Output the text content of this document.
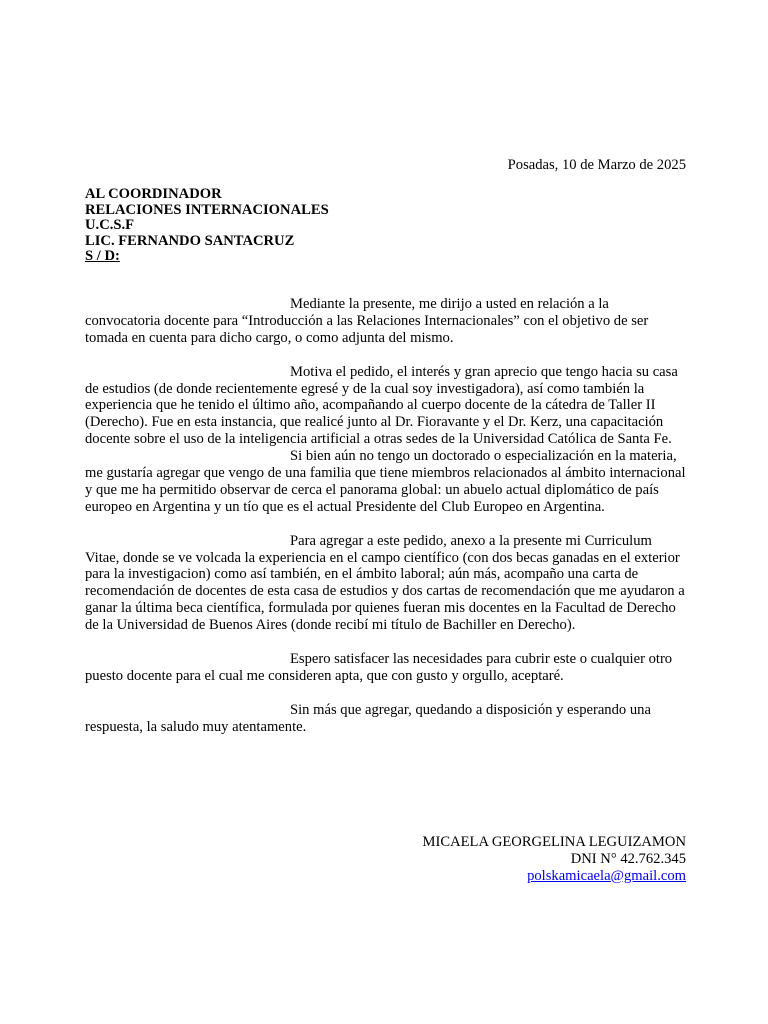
Posadas, 10 de Marzo de 2025
AL COORDINADOR
RELACIONES INTERNACIONALES
U.C.S.F
LIC. FERNANDO SANTACRUZ
S / D:

Mediante la presente, me dirijo a usted en relación a la convocatoria docente para “Introducción a las Relaciones Internacionales” con el objetivo de ser tomada en cuenta para dicho cargo, o como adjunta del mismo.

Motiva el pedido, el interés y gran aprecio que tengo hacia su casa de estudios (de donde recientemente egresé y de la cual soy investigadora), así como también la experiencia que he tenido el último año, acompañando al cuerpo docente de la cátedra de Taller II (Derecho). Fue en esta instancia, que realicé junto al Dr. Fioravante y el Dr. Kerz, una capacitación docente sobre el uso de la inteligencia artificial a otras sedes de la Universidad Católica de Santa Fe.

Si bien aún no tengo un doctorado o especialización en la materia, me gustaría agregar que vengo de una familia que tiene miembros relacionados al ámbito internacional y que me ha permitido observar de cerca el panorama global: un abuelo actual diplomático de país europeo en Argentina y un tío que es el actual Presidente del Club Europeo en Argentina.

Para agregar a este pedido, anexo a la presente mi Curriculum Vitae, donde se ve volcada la experiencia en el campo científico (con dos becas ganadas en el exterior para la investigacion) como así también, en el ámbito laboral; aún más, acompaño una carta de recomendación de docentes de esta casa de estudios y dos cartas de recomendación que me ayudaron a ganar la última beca científica, formulada por quienes fueran mis docentes en la Facultad de Derecho de la Universidad de Buenos Aires (donde recibí mi título de Bachiller en Derecho).

Espero satisfacer las necesidades para cubrir este o cualquier otro puesto docente para el cual me consideren apta, que con gusto y orgullo, aceptaré.

Sin más que agregar, quedando a disposición y esperando una respuesta, la saludo muy atentamente.

MICAELA GEORGELINA LEGUIZAMON
DNI N° 42.762.345
polskamicaela@gmail.com
